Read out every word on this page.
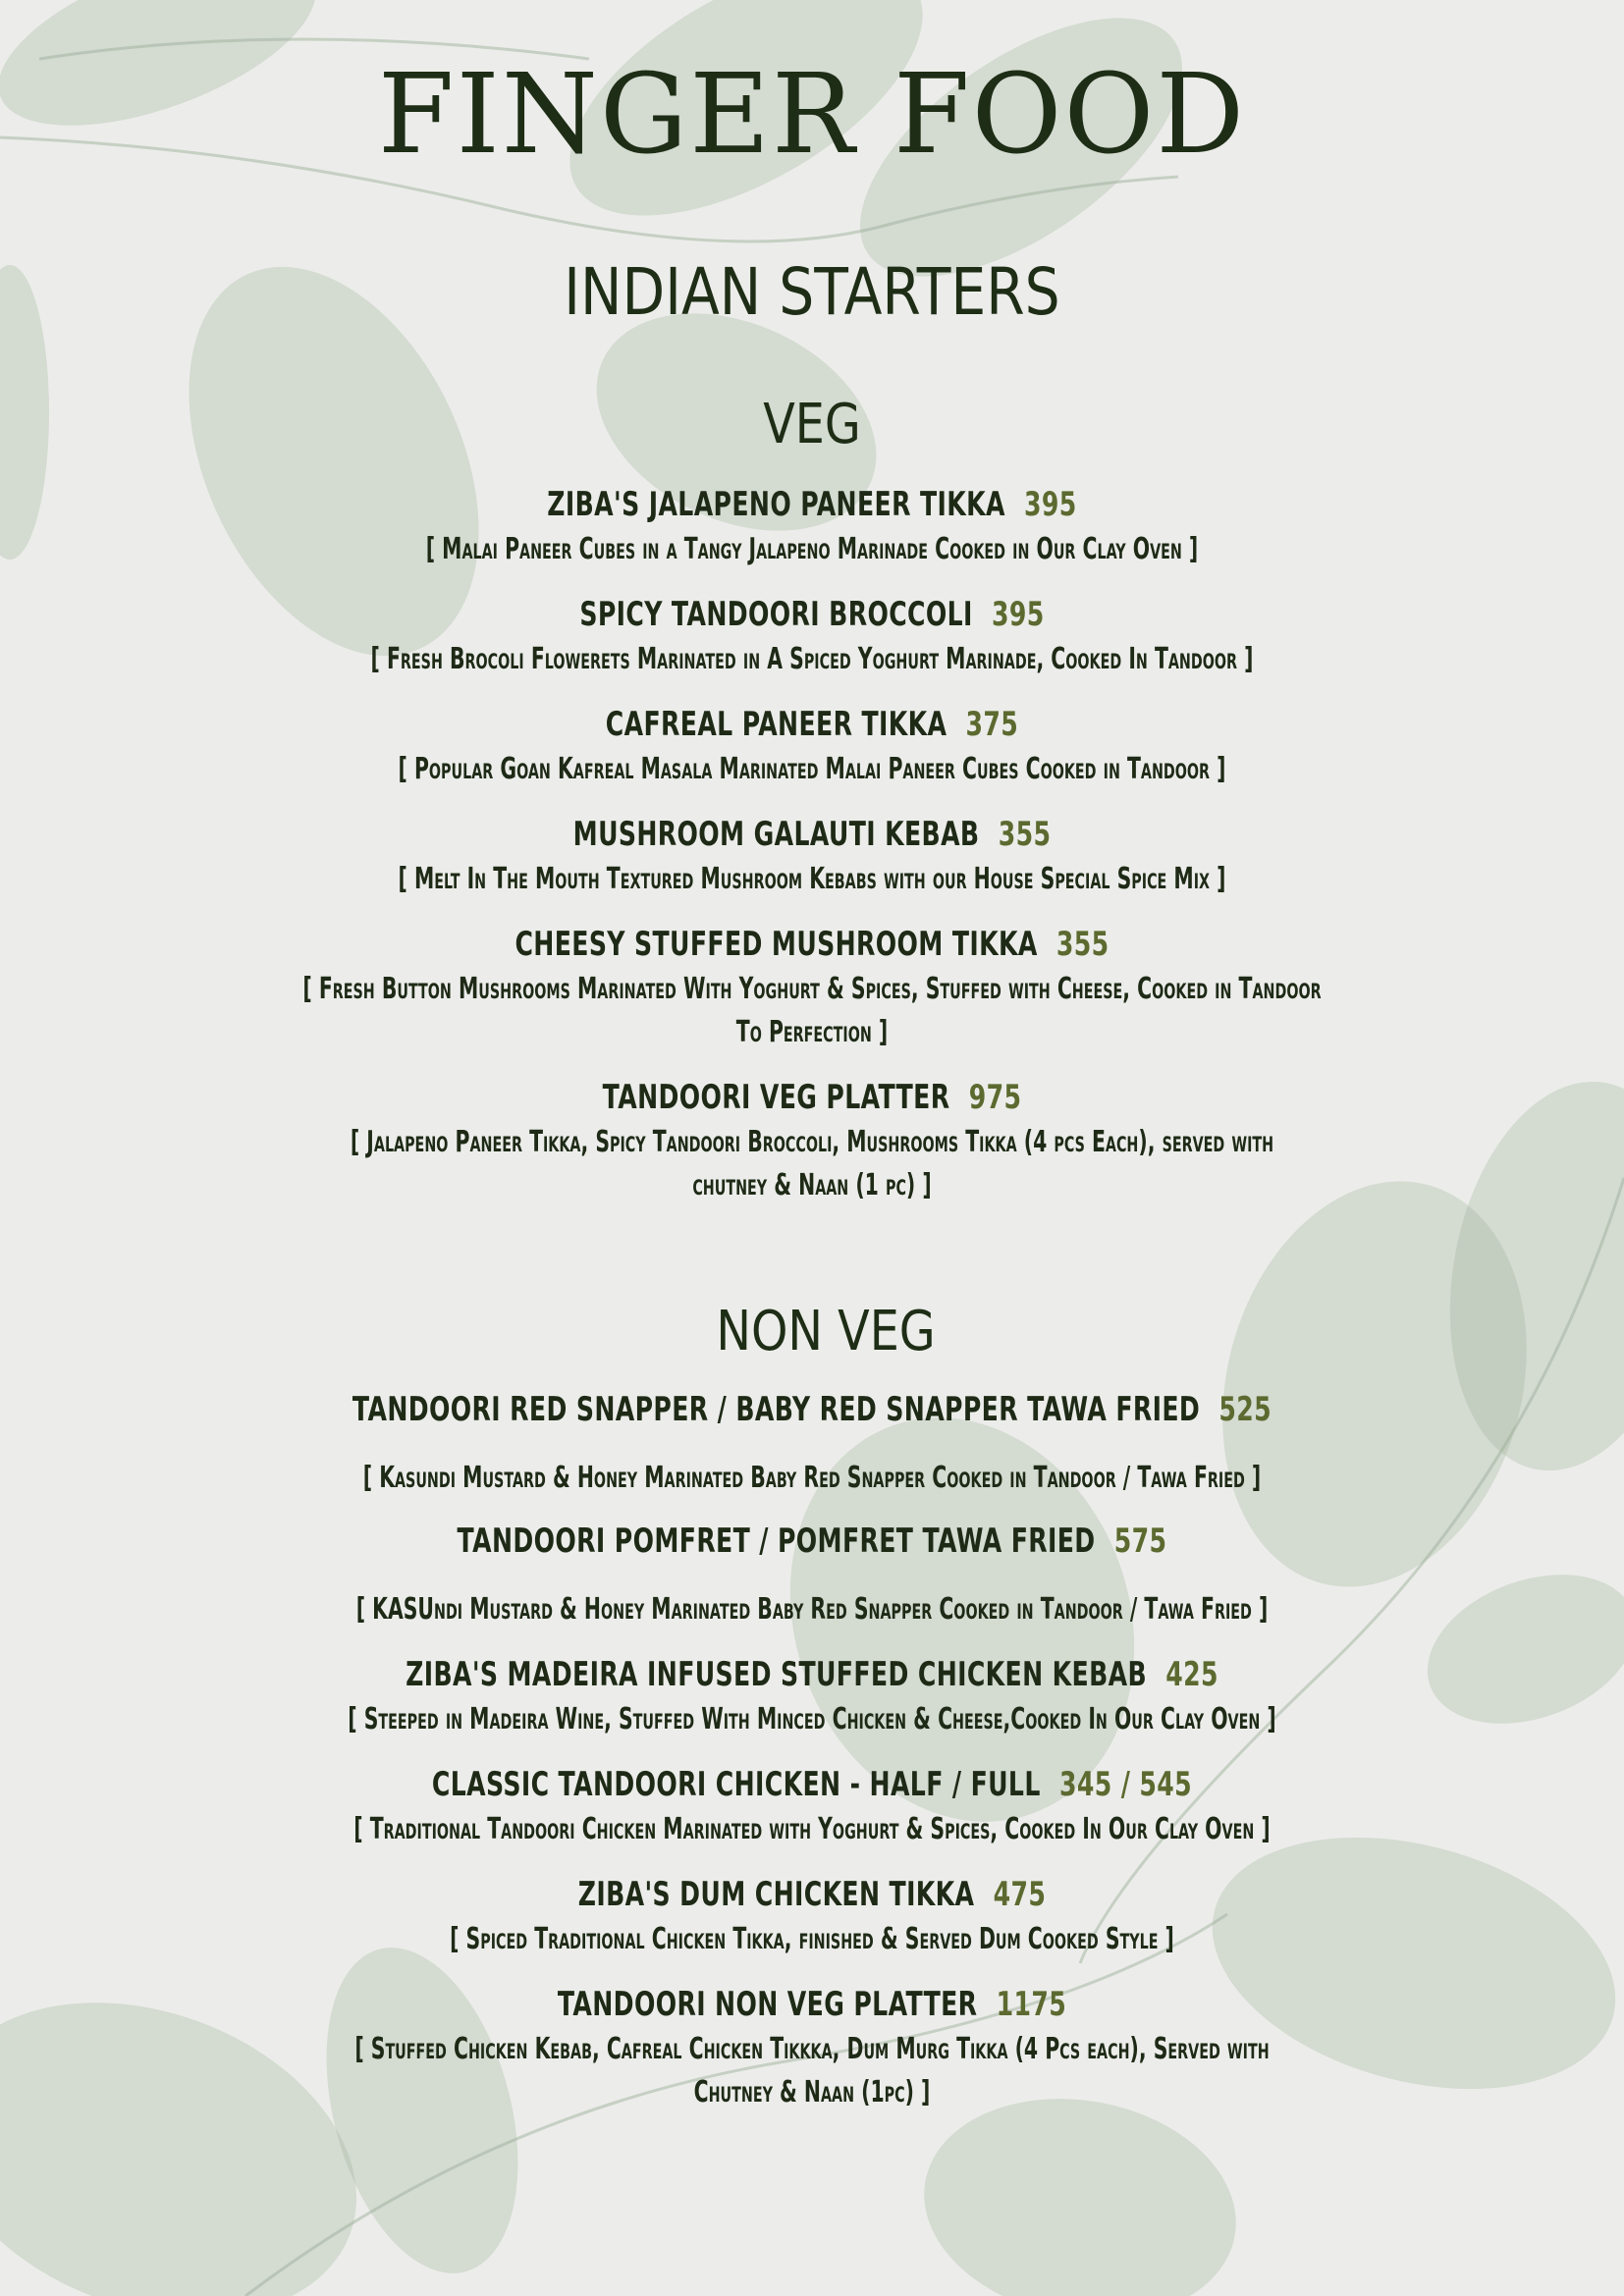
FINGER FOOD
INDIAN STARTERS
VEG
ZIBA'S JALAPENO PANEER TIKKA 395
[ Malai Paneer Cubes in a Tangy Jalapeno Marinade Cooked in Our Clay Oven ]
SPICY TANDOORI BROCCOLI 395
[ Fresh Brocoli Flowerets Marinated in A Spiced Yoghurt Marinade, Cooked In Tandoor ]
CAFREAL PANEER TIKKA 375
[ Popular Goan Kafreal Masala Marinated Malai Paneer Cubes Cooked in Tandoor ]
MUSHROOM GALAUTI KEBAB 355
[ Melt In The Mouth Textured Mushroom Kebabs with our House Special Spice Mix ]
CHEESY STUFFED MUSHROOM TIKKA 355
[ Fresh Button Mushrooms Marinated With Yoghurt & Spices, Stuffed with Cheese, Cooked in Tandoor
To Perfection ]
TANDOORI VEG PLATTER 975
[ Jalapeno Paneer Tikka, Spicy Tandoori Broccoli, Mushrooms Tikka (4 pcs Each), served with
chutney & Naan (1 pc) ]
NON VEG
TANDOORI RED SNAPPER / BABY RED SNAPPER TAWA FRIED 525
[ Kasundi Mustard & Honey Marinated Baby Red Snapper Cooked in Tandoor / Tawa Fried ]
TANDOORI POMFRET / POMFRET TAWA FRIED 575
[ KASUndi Mustard & Honey Marinated Baby Red Snapper Cooked in Tandoor / Tawa Fried ]
ZIBA'S MADEIRA INFUSED STUFFED CHICKEN KEBAB 425
[ Steeped in Madeira Wine, Stuffed With Minced Chicken & Cheese,Cooked In Our Clay Oven ]
CLASSIC TANDOORI CHICKEN - HALF / FULL 345 / 545
[ Traditional Tandoori Chicken Marinated with Yoghurt & Spices, Cooked In Our Clay Oven ]
ZIBA'S DUM CHICKEN TIKKA 475
[ Spiced Traditional Chicken Tikka, finished & Served Dum Cooked Style ]
TANDOORI NON VEG PLATTER 1175
[ Stuffed Chicken Kebab, Cafreal Chicken Tikkka, Dum Murg Tikka (4 Pcs each), Served with
Chutney & Naan (1pc) ]
